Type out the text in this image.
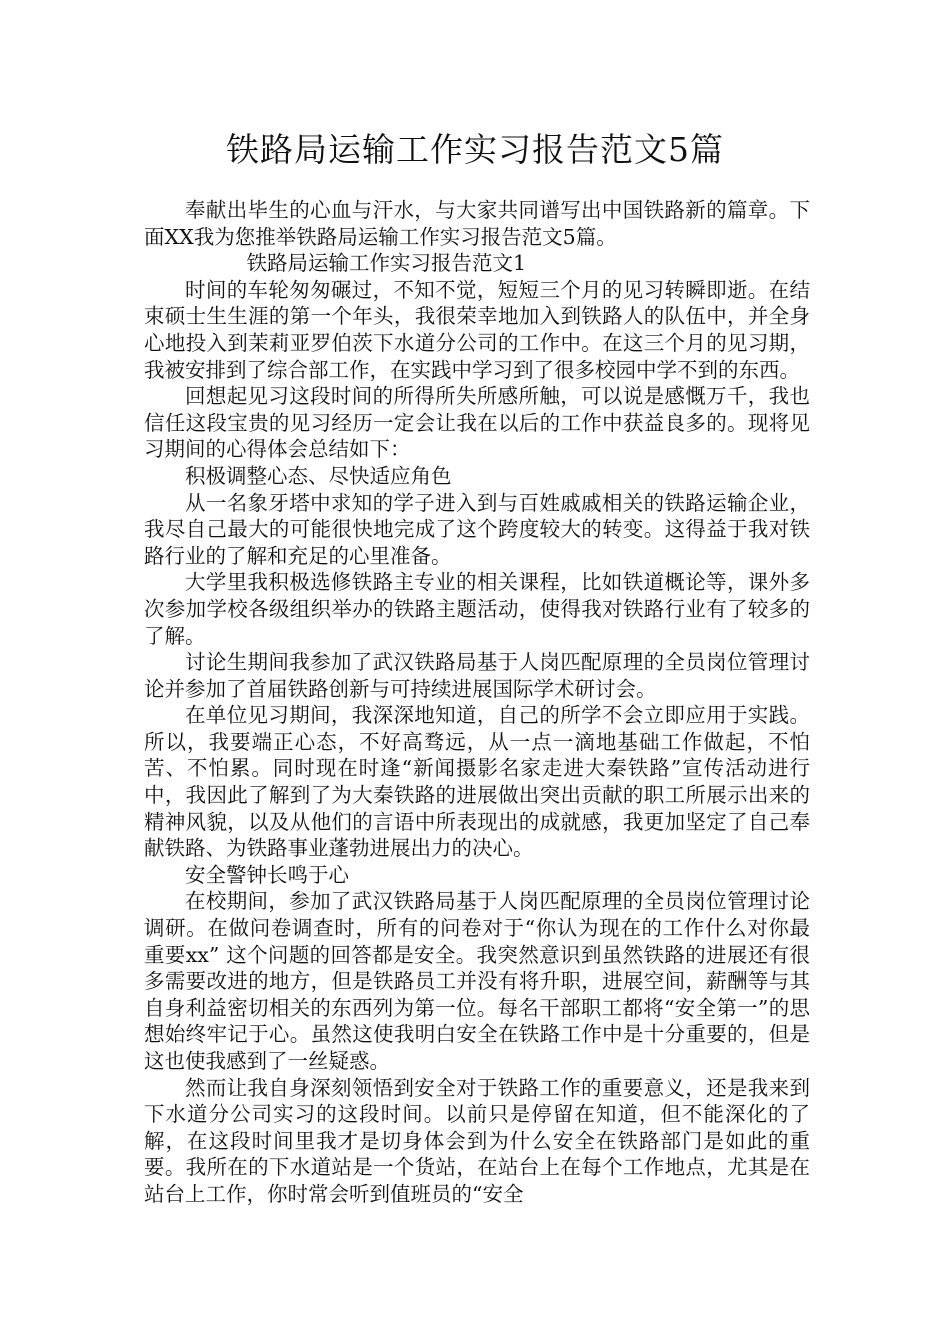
铁路局运输工作实习报告范文5篇

奉献出毕生的心血与汗水，与大家共同谱写出中国铁路新的篇章。下面XX我为您推举铁路局运输工作实习报告范文5篇。

铁路局运输工作实习报告范文1

时间的车轮匆匆碾过，不知不觉，短短三个月的见习转瞬即逝。在结束硕士生生涯的第一个年头，我很荣幸地加入到铁路人的队伍中，并全身心地投入到茉莉亚罗伯茨下水道分公司的工作中。在这三个月的见习期，我被安排到了综合部工作，在实践中学习到了很多校园中学不到的东西。

回想起见习这段时间的所得所失所感所触，可以说是感慨万千，我也信任这段宝贵的见习经历一定会让我在以后的工作中获益良多的。现将见习期间的心得体会总结如下：

积极调整心态、尽快适应角色

从一名象牙塔中求知的学子进入到与百姓戚戚相关的铁路运输企业，我尽自己最大的可能很快地完成了这个跨度较大的转变。这得益于我对铁路行业的了解和充足的心里准备。

大学里我积极选修铁路主专业的相关课程，比如铁道概论等，课外多次参加学校各级组织举办的铁路主题活动，使得我对铁路行业有了较多的了解。

讨论生期间我参加了武汉铁路局基于人岗匹配原理的全员岗位管理讨论并参加了首届铁路创新与可持续进展国际学术研讨会。

在单位见习期间，我深深地知道，自己的所学不会立即应用于实践。所以，我要端正心态，不好高骛远，从一点一滴地基础工作做起，不怕苦、不怕累。同时现在时逢“新闻摄影名家走进大秦铁路”宣传活动进行中，我因此了解到了为大秦铁路的进展做出突出贡献的职工所展示出来的精神风貌，以及从他们的言语中所表现出的成就感，我更加坚定了自己奉献铁路、为铁路事业蓬勃进展出力的决心。

安全警钟长鸣于心

在校期间，参加了武汉铁路局基于人岗匹配原理的全员岗位管理讨论调研。在做问卷调查时，所有的问卷对于“你认为现在的工作什么对你最重要xx” 这个问题的回答都是安全。我突然意识到虽然铁路的进展还有很多需要改进的地方，但是铁路员工并没有将升职，进展空间，薪酬等与其自身利益密切相关的东西列为第一位。每名干部职工都将“安全第一”的思想始终牢记于心。虽然这使我明白安全在铁路工作中是十分重要的，但是这也使我感到了一丝疑惑。

然而让我自身深刻领悟到安全对于铁路工作的重要意义，还是我来到下水道分公司实习的这段时间。以前只是停留在知道，但不能深化的了解，在这段时间里我才是切身体会到为什么安全在铁路部门是如此的重要。我所在的下水道站是一个货站，在站台上在每个工作地点，尤其是在站台上工作，你时常会听到值班员的“安全
